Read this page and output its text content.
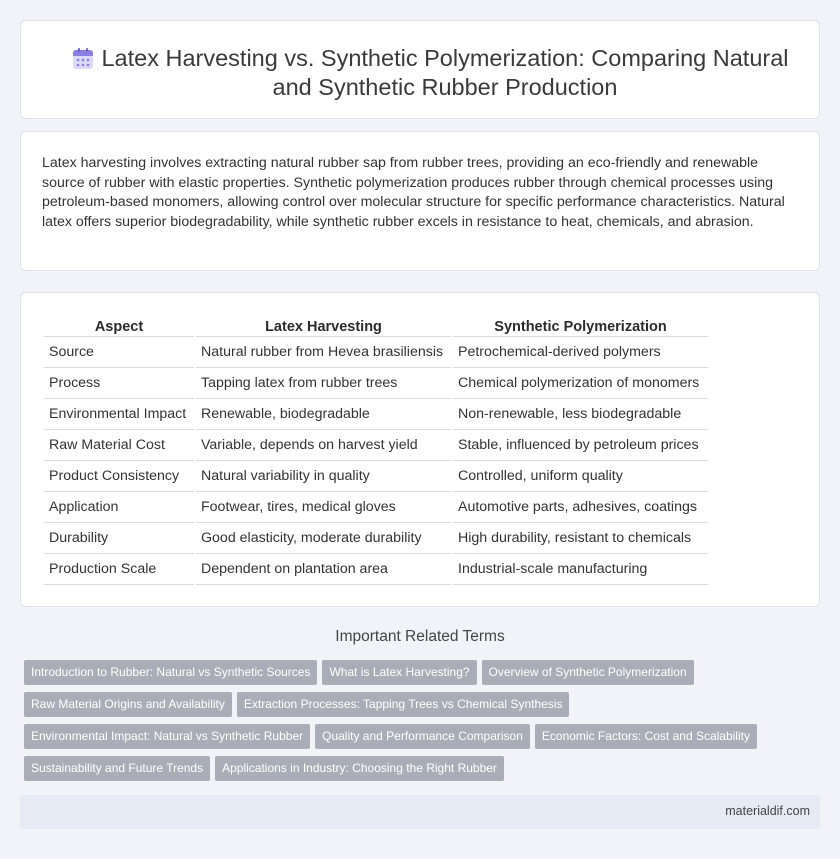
Latex Harvesting vs. Synthetic Polymerization: Comparing Natural and Synthetic Rubber Production

Latex harvesting involves extracting natural rubber sap from rubber trees, providing an eco-friendly and renewable source of rubber with elastic properties. Synthetic polymerization produces rubber through chemical processes using petroleum-based monomers, allowing control over molecular structure for specific performance characteristics. Natural latex offers superior biodegradability, while synthetic rubber excels in resistance to heat, chemicals, and abrasion.

Aspect	Latex Harvesting	Synthetic Polymerization
Source	Natural rubber from Hevea brasiliensis	Petrochemical-derived polymers
Process	Tapping latex from rubber trees	Chemical polymerization of monomers
Environmental Impact	Renewable, biodegradable	Non-renewable, less biodegradable
Raw Material Cost	Variable, depends on harvest yield	Stable, influenced by petroleum prices
Product Consistency	Natural variability in quality	Controlled, uniform quality
Application	Footwear, tires, medical gloves	Automotive parts, adhesives, coatings
Durability	Good elasticity, moderate durability	High durability, resistant to chemicals
Production Scale	Dependent on plantation area	Industrial-scale manufacturing
Important Related Terms
Introduction to Rubber: Natural vs Synthetic Sources What is Latex Harvesting? Overview of Synthetic Polymerization
Raw Material Origins and Availability Extraction Processes: Tapping Trees vs Chemical Synthesis
Environmental Impact: Natural vs Synthetic Rubber Quality and Performance Comparison Economic Factors: Cost and Scalability
Sustainability and Future Trends Applications in Industry: Choosing the Right Rubber
materialdif.com
